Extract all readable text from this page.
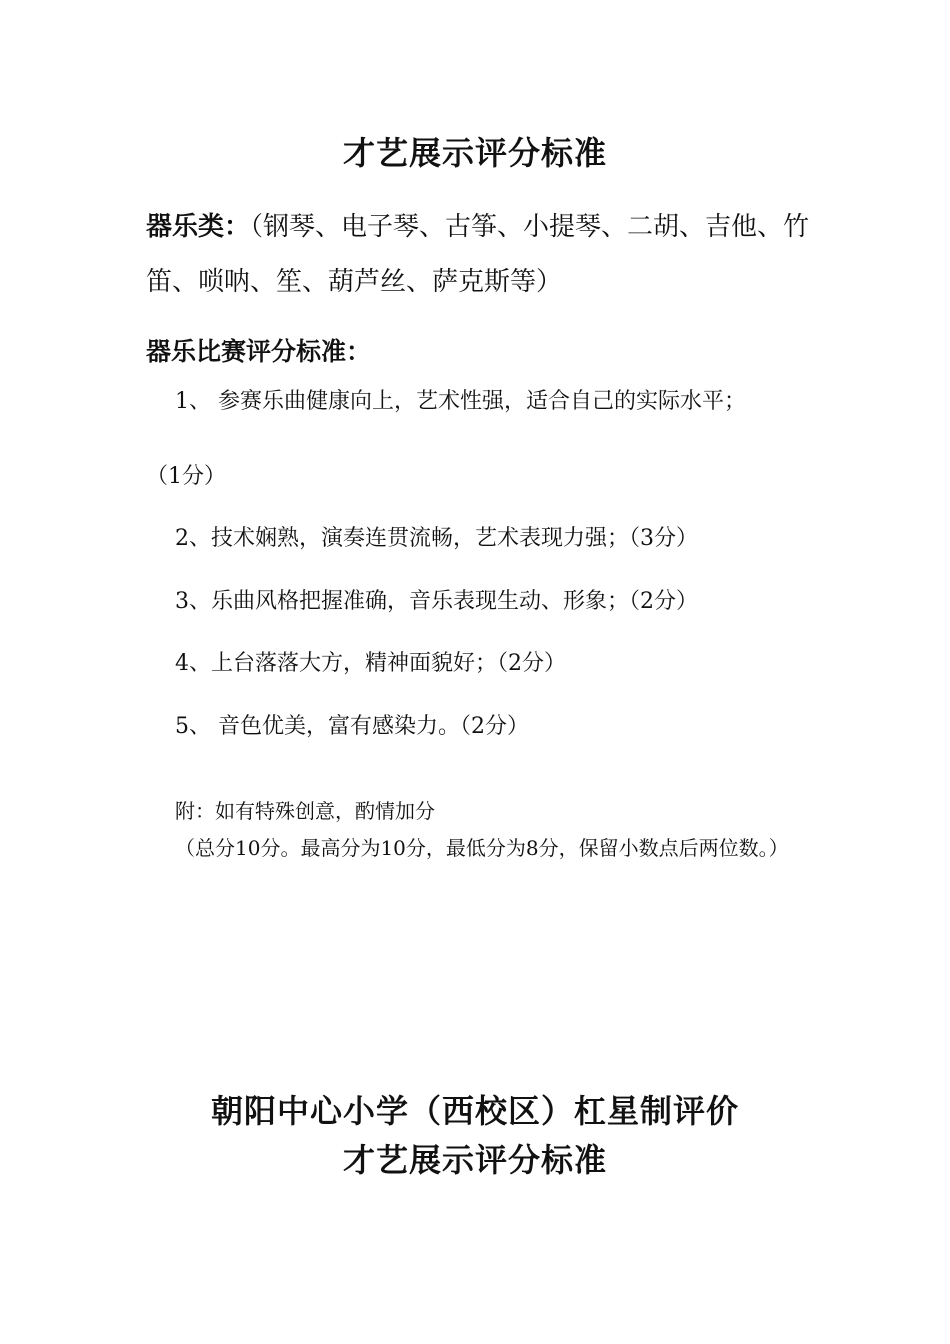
才艺展示评分标准
器乐类：（钢琴、电子琴、古筝、小提琴、二胡、吉他、竹笛、唢呐、笙、葫芦丝、萨克斯等）
器乐比赛评分标准：
1、 参赛乐曲健康向上，艺术性强，适合自己的实际水平；
（1分）
2、技术娴熟，演奏连贯流畅，艺术表现力强；（3分）
3、乐曲风格把握准确，音乐表现生动、形象；（2分）
4、上台落落大方，精神面貌好；（2分）
5、 音色优美，富有感染力。（2分）
附：如有特殊创意，酌情加分
（总分10分。最高分为10分，最低分为8分，保留小数点后两位数。）
朝阳中心小学（西校区）杠星制评价
才艺展示评分标准
